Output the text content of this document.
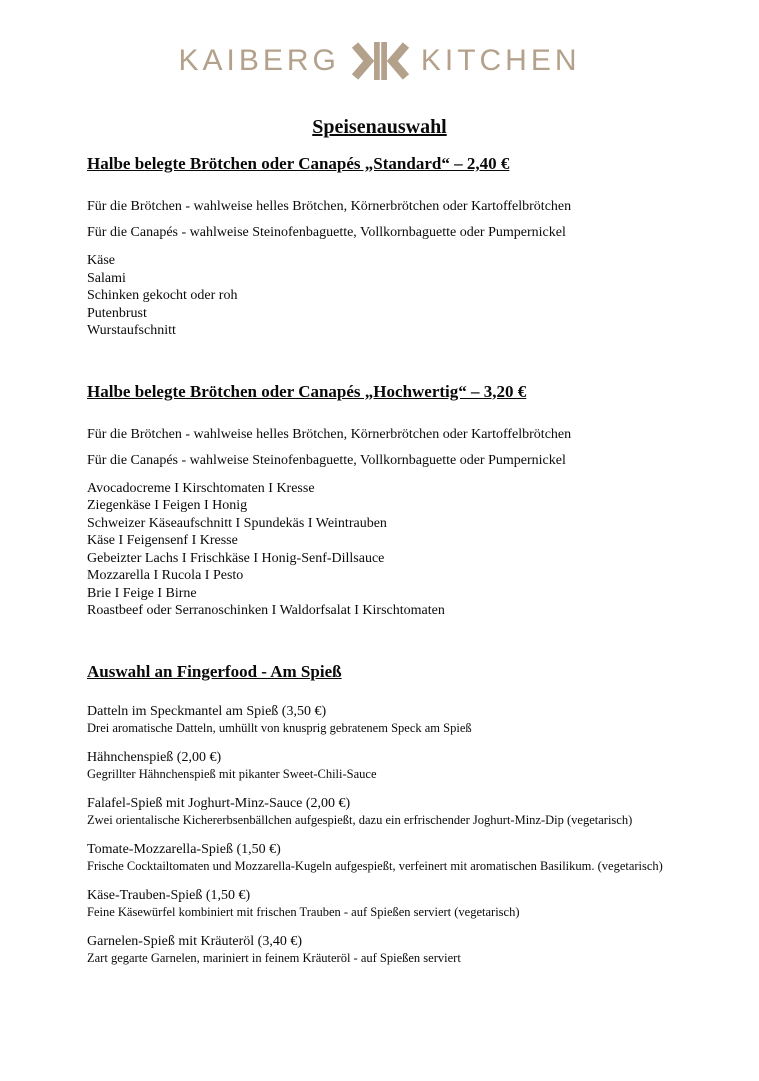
KAIBERG	KITCHEN
Speisenauswahl
Halbe belegte Brötchen oder Canapés „Standard“ – 2,40 €

Für die Brötchen - wahlweise helles Brötchen, Körnerbrötchen oder Kartoffelbrötchen

Für die Canapés - wahlweise Steinofenbaguette, Vollkornbaguette oder Pumpernickel

Käse
Salami
Schinken gekocht oder roh
Putenbrust
Wurstaufschnitt
Halbe belegte Brötchen oder Canapés „Hochwertig“ – 3,20 €

Für die Brötchen - wahlweise helles Brötchen, Körnerbrötchen oder Kartoffelbrötchen

Für die Canapés - wahlweise Steinofenbaguette, Vollkornbaguette oder Pumpernickel

Avocadocreme I Kirschtomaten I Kresse
Ziegenkäse I Feigen I Honig
Schweizer Käseaufschnitt I Spundekäs I Weintrauben
Käse I Feigensenf I Kresse
Gebeizter Lachs I Frischkäse I Honig-Senf-Dillsauce
Mozzarella I Rucola I Pesto
Brie I Feige I Birne
Roastbeef oder Serranoschinken I Waldorfsalat I Kirschtomaten
Auswahl an Fingerfood - Am Spieß
Datteln im Speckmantel am Spieß (3,50 €)
Drei aromatische Datteln, umhüllt von knusprig gebratenem Speck am Spieß
Hähnchenspieß (2,00 €)
Gegrillter Hähnchenspieß mit pikanter Sweet-Chili-Sauce
Falafel-Spieß mit Joghurt-Minz-Sauce (2,00 €)
Zwei orientalische Kichererbsenbällchen aufgespießt, dazu ein erfrischender Joghurt-Minz-Dip (vegetarisch)
Tomate-Mozzarella-Spieß (1,50 €)
Frische Cocktailtomaten und Mozzarella-Kugeln aufgespießt, verfeinert mit aromatischen Basilikum. (vegetarisch)
Käse-Trauben-Spieß (1,50 €)
Feine Käsewürfel kombiniert mit frischen Trauben - auf Spießen serviert (vegetarisch)
Garnelen-Spieß mit Kräuteröl (3,40 €)
Zart gegarte Garnelen, mariniert in feinem Kräuteröl - auf Spießen serviert
